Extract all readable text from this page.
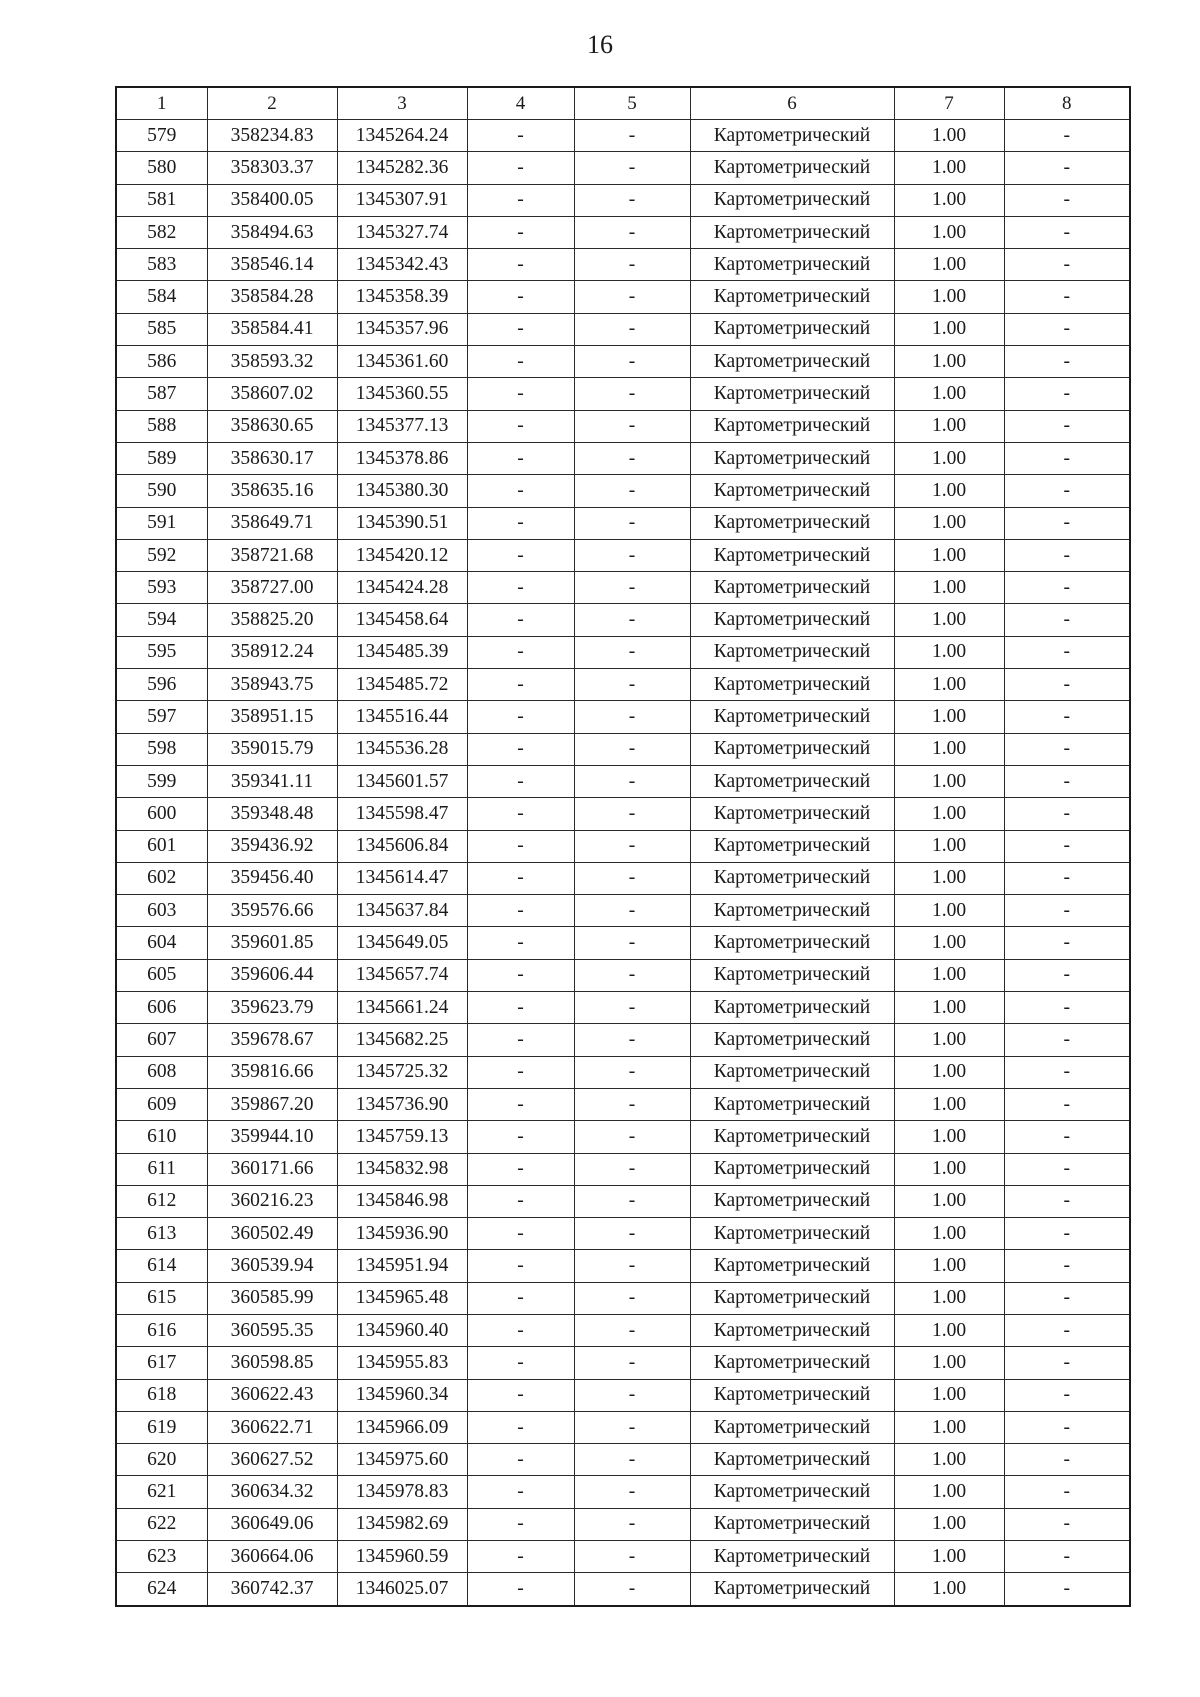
16
1	2	3	4	5	6	7	8
579	358234.83	1345264.24	-	-	Картометрический	1.00	-
580	358303.37	1345282.36	-	-	Картометрический	1.00	-
581	358400.05	1345307.91	-	-	Картометрический	1.00	-
582	358494.63	1345327.74	-	-	Картометрический	1.00	-
583	358546.14	1345342.43	-	-	Картометрический	1.00	-
584	358584.28	1345358.39	-	-	Картометрический	1.00	-
585	358584.41	1345357.96	-	-	Картометрический	1.00	-
586	358593.32	1345361.60	-	-	Картометрический	1.00	-
587	358607.02	1345360.55	-	-	Картометрический	1.00	-
588	358630.65	1345377.13	-	-	Картометрический	1.00	-
589	358630.17	1345378.86	-	-	Картометрический	1.00	-
590	358635.16	1345380.30	-	-	Картометрический	1.00	-
591	358649.71	1345390.51	-	-	Картометрический	1.00	-
592	358721.68	1345420.12	-	-	Картометрический	1.00	-
593	358727.00	1345424.28	-	-	Картометрический	1.00	-
594	358825.20	1345458.64	-	-	Картометрический	1.00	-
595	358912.24	1345485.39	-	-	Картометрический	1.00	-
596	358943.75	1345485.72	-	-	Картометрический	1.00	-
597	358951.15	1345516.44	-	-	Картометрический	1.00	-
598	359015.79	1345536.28	-	-	Картометрический	1.00	-
599	359341.11	1345601.57	-	-	Картометрический	1.00	-
600	359348.48	1345598.47	-	-	Картометрический	1.00	-
601	359436.92	1345606.84	-	-	Картометрический	1.00	-
602	359456.40	1345614.47	-	-	Картометрический	1.00	-
603	359576.66	1345637.84	-	-	Картометрический	1.00	-
604	359601.85	1345649.05	-	-	Картометрический	1.00	-
605	359606.44	1345657.74	-	-	Картометрический	1.00	-
606	359623.79	1345661.24	-	-	Картометрический	1.00	-
607	359678.67	1345682.25	-	-	Картометрический	1.00	-
608	359816.66	1345725.32	-	-	Картометрический	1.00	-
609	359867.20	1345736.90	-	-	Картометрический	1.00	-
610	359944.10	1345759.13	-	-	Картометрический	1.00	-
611	360171.66	1345832.98	-	-	Картометрический	1.00	-
612	360216.23	1345846.98	-	-	Картометрический	1.00	-
613	360502.49	1345936.90	-	-	Картометрический	1.00	-
614	360539.94	1345951.94	-	-	Картометрический	1.00	-
615	360585.99	1345965.48	-	-	Картометрический	1.00	-
616	360595.35	1345960.40	-	-	Картометрический	1.00	-
617	360598.85	1345955.83	-	-	Картометрический	1.00	-
618	360622.43	1345960.34	-	-	Картометрический	1.00	-
619	360622.71	1345966.09	-	-	Картометрический	1.00	-
620	360627.52	1345975.60	-	-	Картометрический	1.00	-
621	360634.32	1345978.83	-	-	Картометрический	1.00	-
622	360649.06	1345982.69	-	-	Картометрический	1.00	-
623	360664.06	1345960.59	-	-	Картометрический	1.00	-
624	360742.37	1346025.07	-	-	Картометрический	1.00	-
